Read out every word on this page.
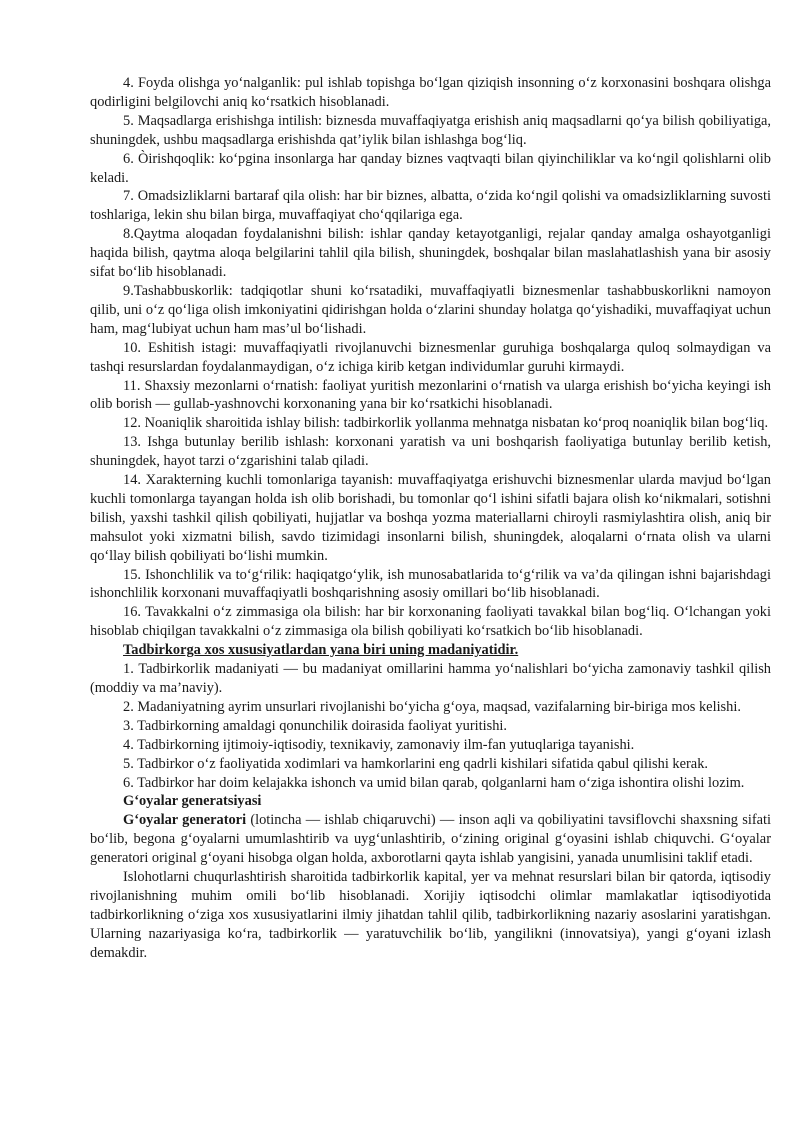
4. Foyda olishga yo‘nalganlik: pul ishlab topishga bo‘lgan qiziqish insonning o‘z korxonasini boshqara olishga qodirligini belgilovchi aniq ko‘rsatkich hisoblanadi.

5. Maqsadlarga erishishga intilish: biznesda muvaffaqiyatga erishish aniq maqsadlarni qo‘ya bilish qobiliyatiga, shuningdek, ushbu maqsadlarga erishishda qat’iylik bilan ishlashga bog‘liq.

6. Òirishqoqlik: ko‘pgina insonlarga har qanday biznes vaqtvaqti bilan qiyinchiliklar va ko‘ngil qolishlarni olib keladi.

7. Omadsizliklarni bartaraf qila olish: har bir biznes, albatta, o‘zida ko‘ngil qolishi va omadsizliklarning suvosti toshlariga, lekin shu bilan birga, muvaffaqiyat cho‘qqilariga ega.

8.Qaytma aloqadan foydalanishni bilish: ishlar qanday ketayotganligi, rejalar qanday amalga oshayotganligi haqida bilish, qaytma aloqa belgilarini tahlil qila bilish, shuningdek, boshqalar bilan maslahatlashish yana bir asosiy sifat bo‘lib hisoblanadi.

9.Tashabbuskorlik: tadqiqotlar shuni ko‘rsatadiki, muvaffaqiyatli biznesmenlar tashabbuskorlikni namoyon qilib, uni o‘z qo‘liga olish imkoniyatini qidirishgan holda o‘zlarini shunday holatga qo‘yishadiki, muvaffaqiyat uchun ham, mag‘lubiyat uchun ham mas’ul bo‘lishadi.

10. Eshitish istagi: muvaffaqiyatli rivojlanuvchi biznesmenlar guruhiga boshqalarga quloq solmaydigan va tashqi resurslardan foydalanmaydigan, o‘z ichiga kirib ketgan individumlar guruhi kirmaydi.

11. Shaxsiy mezonlarni o‘rnatish: faoliyat yuritish mezonlarini o‘rnatish va ularga erishish bo‘yicha keyingi ish olib borish — gullab-yashnovchi korxonaning yana bir ko‘rsatkichi hisoblanadi.

12. Noaniqlik sharoitida ishlay bilish: tadbirkorlik yollanma mehnatga nisbatan ko‘proq noaniqlik bilan bog‘liq.

13. Ishga butunlay berilib ishlash: korxonani yaratish va uni boshqarish faoliyatiga butunlay berilib ketish, shuningdek, hayot tarzi o‘zgarishini talab qiladi.

14. Xarakterning kuchli tomonlariga tayanish: muvaffaqiyatga erishuvchi biznesmenlar ularda mavjud bo‘lgan kuchli tomonlarga tayangan holda ish olib borishadi, bu tomonlar qo‘l ishini sifatli bajara olish ko‘nikmalari, sotishni bilish, yaxshi tashkil qilish qobiliyati, hujjatlar va boshqa yozma materiallarni chiroyli rasmiylashtira olish, aniq bir mahsulot yoki xizmatni bilish, savdo tizimidagi insonlarni bilish, shuningdek, aloqalarni o‘rnata olish va ularni qo‘llay bilish qobiliyati bo‘lishi mumkin.

15. Ishonchlilik va to‘g‘rilik: haqiqatgo‘ylik, ish munosabatlarida to‘g‘rilik va va’da qilingan ishni bajarishdagi ishonchlilik korxonani muvaffaqiyatli boshqarishning asosiy omillari bo‘lib hisoblanadi.

16. Tavakkalni o‘z zimmasiga ola bilish: har bir korxonaning faoliyati tavakkal bilan bog‘liq. O‘lchangan yoki hisoblab chiqilgan tavakkalni o‘z zimmasiga ola bilish qobiliyati ko‘rsatkich bo‘lib hisoblanadi.

Tadbirkorga xos xususiyatlardan yana biri uning madaniyatidir.

1. Tadbirkorlik madaniyati — bu madaniyat omillarini hamma yo‘nalishlari bo‘yicha zamonaviy tashkil qilish (moddiy va ma’naviy).

2. Madaniyatning ayrim unsurlari rivojlanishi bo‘yicha g‘oya, maqsad, vazifalarning bir-biriga mos kelishi.

3. Tadbirkorning amaldagi qonunchilik doirasida faoliyat yuritishi.

4. Tadbirkorning ijtimoiy-iqtisodiy, texnikaviy, zamonaviy ilm-fan yutuqlariga tayanishi.

5. Tadbirkor o‘z faoliyatida xodimlari va hamkorlarini eng qadrli kishilari sifatida qabul qilishi kerak.

6. Tadbirkor har doim kelajakka ishonch va umid bilan qarab, qolganlarni ham o‘ziga ishontira olishi lozim.

G‘oyalar generatsiyasi

G‘oyalar generatori (lotincha — ishlab chiqaruvchi) — inson aqli va qobiliyatini tavsiflovchi shaxsning sifati bo‘lib, begona g‘oyalarni umumlashtirib va uyg‘unlashtirib, o‘zining original g‘oyasini ishlab chiquvchi. G‘oyalar generatori original g‘oyani hisobga olgan holda, axborotlarni qayta ishlab yangisini, yanada unumlisini taklif etadi.

Islohotlarni chuqurlashtirish sharoitida tadbirkorlik kapital, yer va mehnat resurslari bilan bir qatorda, iqtisodiy rivojlanishning muhim omili bo‘lib hisoblanadi. Xorijiy iqtisodchi olimlar mamlakatlar iqtisodiyotida tadbirkorlikning o‘ziga xos xususiyatlarini ilmiy jihatdan tahlil qilib, tadbirkorlikning nazariy asoslarini yaratishgan. Ularning nazariyasiga ko‘ra, tadbirkorlik — yaratuvchilik bo‘lib, yangilikni (innovatsiya), yangi g‘oyani izlash demakdir.
